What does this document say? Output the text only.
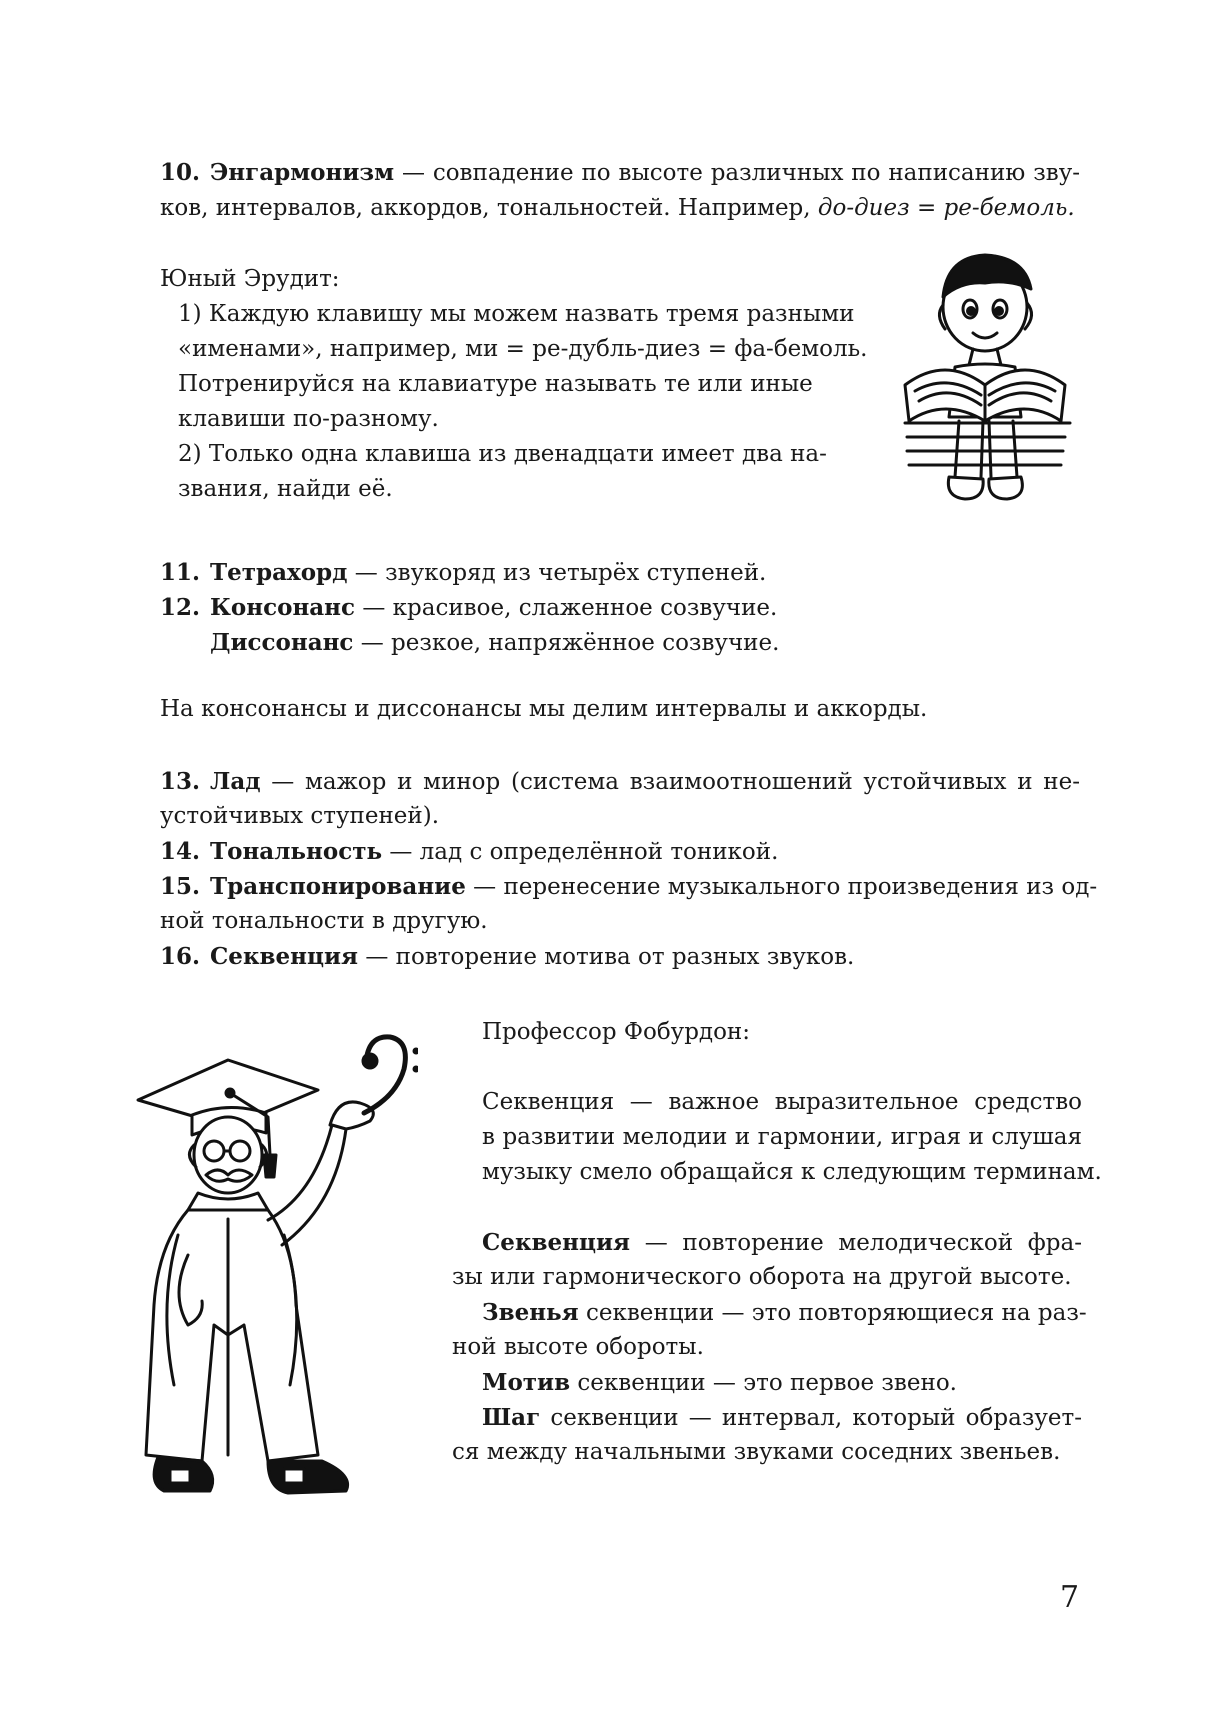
10. Энгармонизм — совпадение по высоте различных по написанию зву-
ков, интервалов, аккордов, тональностей. Например, до-диез = ре-бемоль.
Юный Эрудит:
1) Каждую клавишу мы можем назвать тремя разными
«именами», например, ми = ре-дубль-диез = фа-бемоль.
Потренируйся на клавиатуре называть те или иные
клавиши по-разному.
2) Только одна клавиша из двенадцати имеет два на-
звания, найди её.
11. Тетрахорд — звукоряд из четырёх ступеней.
12. Консонанс — красивое, слаженное созвучие.
Диссонанс — резкое, напряжённое созвучие.
На консонансы и диссонансы мы делим интервалы и аккорды.
13. Лад — мажор и минор (система взаимоотношений устойчивых и не-
устойчивых ступеней).
14. Тональность — лад с определённой тоникой.
15. Транспонирование — перенесение музыкального произведения из од-
ной тональности в другую.
16. Секвенция — повторение мотива от разных звуков.
Профессор Фобурдон:
Секвенция — важное выразительное средство
в развитии мелодии и гармонии, играя и слушая
музыку смело обращайся к следующим терминам.
Секвенция — повторение мелодической фра-
зы или гармонического оборота на другой высоте.
Звенья секвенции — это повторяющиеся на раз-
ной высоте обороты.
Мотив секвенции — это первое звено.
Шаг секвенции — интервал, который образует-
ся между начальными звуками соседних звеньев.
7
